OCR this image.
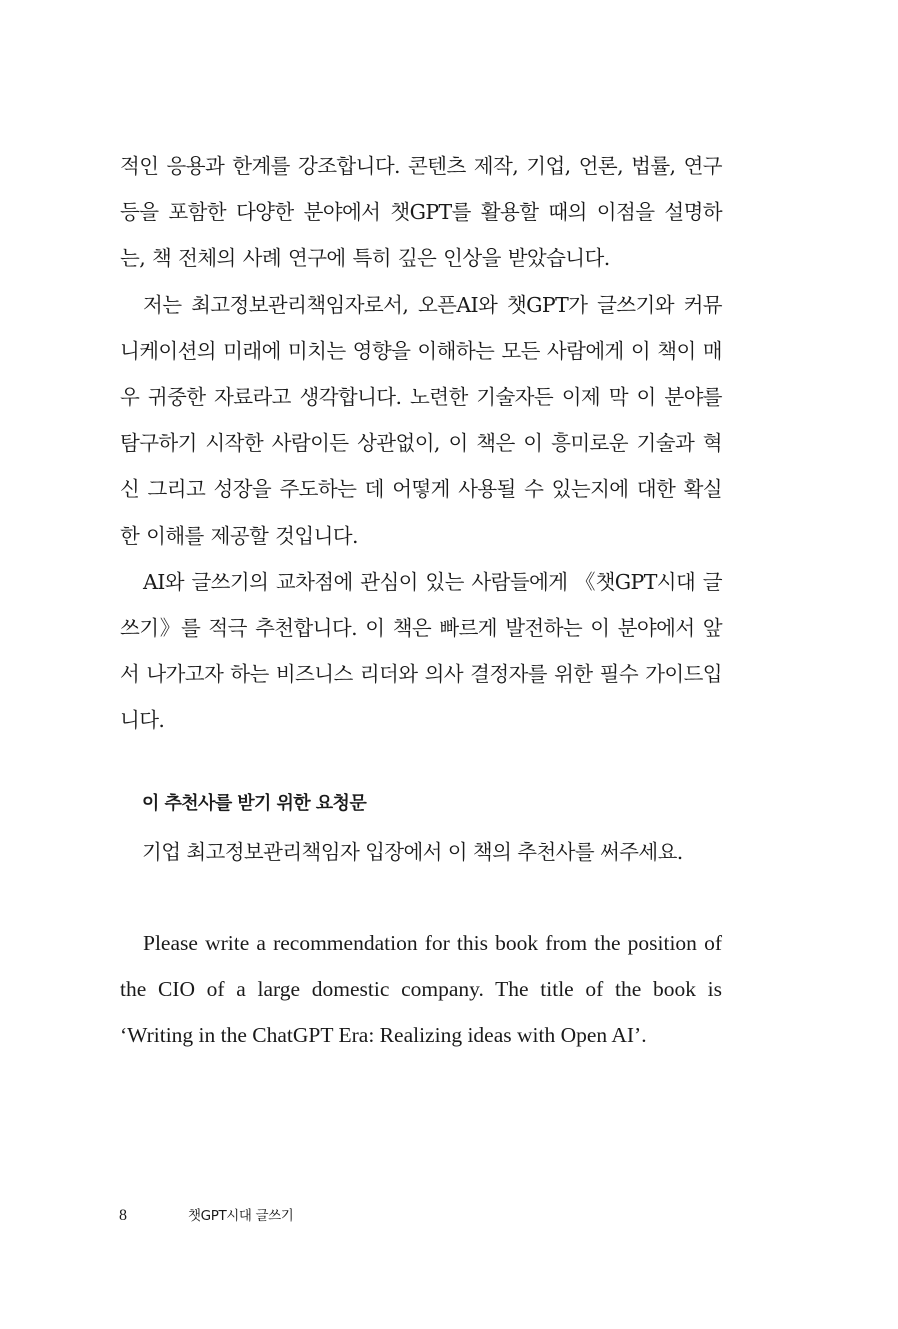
적인 응용과 한계를 강조합니다. 콘텐츠 제작, 기업, 언론, 법률, 연구 등을 포함한 다양한 분야에서 챗GPT를 활용할 때의 이점을 설명하는, 책 전체의 사례 연구에 특히 깊은 인상을 받았습니다.

저는 최고정보관리책임자로서, 오픈AI와 챗GPT가 글쓰기와 커뮤니케이션의 미래에 미치는 영향을 이해하는 모든 사람에게 이 책이 매우 귀중한 자료라고 생각합니다. 노련한 기술자든 이제 막 이 분야를 탐구하기 시작한 사람이든 상관없이, 이 책은 이 흥미로운 기술과 혁신 그리고 성장을 주도하는 데 어떻게 사용될 수 있는지에 대한 확실한 이해를 제공할 것입니다.

AI와 글쓰기의 교차점에 관심이 있는 사람들에게 《챗GPT시대 글쓰기》를 적극 추천합니다. 이 책은 빠르게 발전하는 이 분야에서 앞서 나가고자 하는 비즈니스 리더와 의사 결정자를 위한 필수 가이드입니다.

이 추천사를 받기 위한 요청문
기업 최고정보관리책임자 입장에서 이 책의 추천사를 써주세요.
Please write a recommendation for this book from the position of the CIO of a large domestic company. The title of the book is ‘Writing in the ChatGPT Era: Realizing ideas with Open AI’.
8	챗GPT시대 글쓰기
